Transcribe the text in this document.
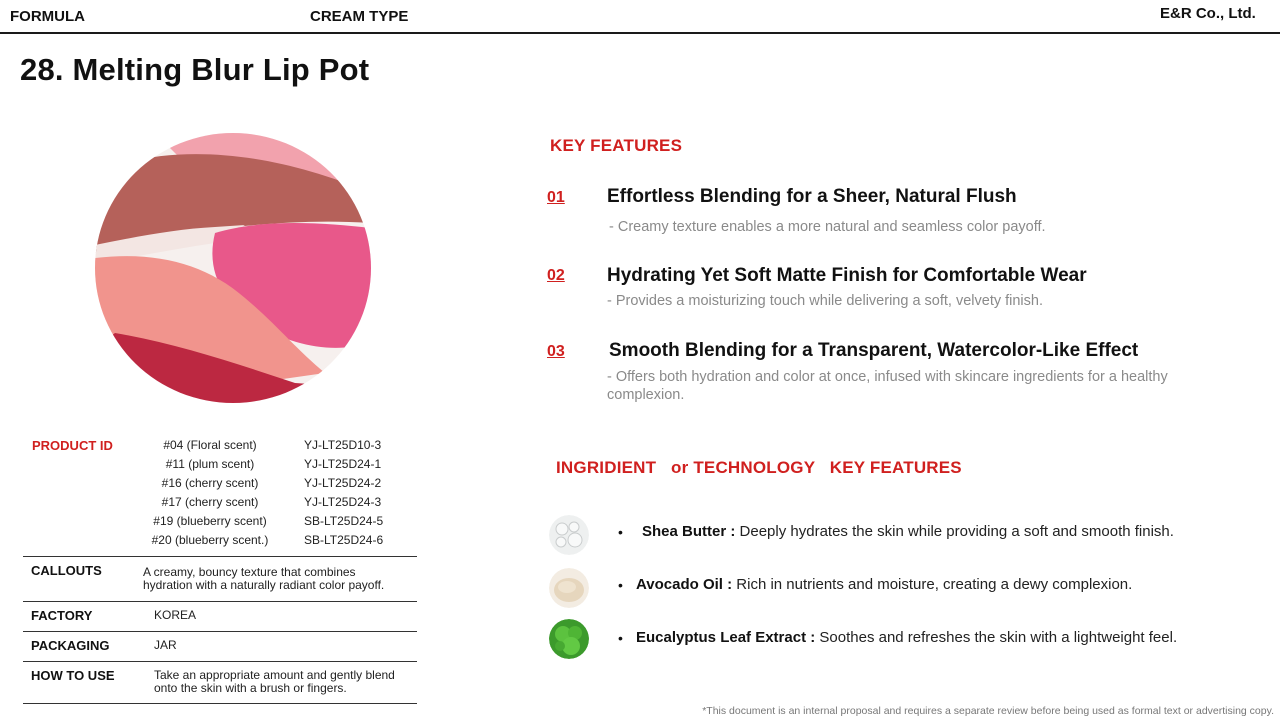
FORMULA	CREAM TYPE	E&R Co., Ltd.
28. Melting Blur Lip Pot
PRODUCT ID	#04 (Floral scent)	YJ-LT25D10-3
#11 (plum scent)	YJ-LT25D24-1
#16 (cherry scent)	YJ-LT25D24-2
#17 (cherry scent)	YJ-LT25D24-3
#19 (blueberry scent)	SB-LT25D24-5
#20 (blueberry scent.)	SB-LT25D24-6
CALLOUTS	A creamy, bouncy texture that combines
hydration with a naturally radiant color payoff.
FACTORY	KOREA
PACKAGING	JAR
HOW TO USE	Take an appropriate amount and gently blend
onto the skin with a brush or fingers.
KEY FEATURES
01 Effortless Blending for a Sheer, Natural Flush
- Creamy texture enables a more natural and seamless color payoff.
02 Hydrating Yet Soft Matte Finish for Comfortable Wear
- Provides a moisturizing touch while delivering a soft, velvety finish.
03 Smooth Blending for a Transparent, Watercolor-Like Effect
- Offers both hydration and color at once, infused with skincare ingredients for a healthy complexion.
INGRIDIENT   or TECHNOLOGY   KEY FEATURES
• Shea Butter : Deeply hydrates the skin while providing a soft and smooth finish.
• Avocado Oil : Rich in nutrients and moisture, creating a dewy complexion.
• Eucalyptus Leaf Extract : Soothes and refreshes the skin with a lightweight feel.
*This document is an internal proposal and requires a separate review before being used as formal text or advertising copy.
